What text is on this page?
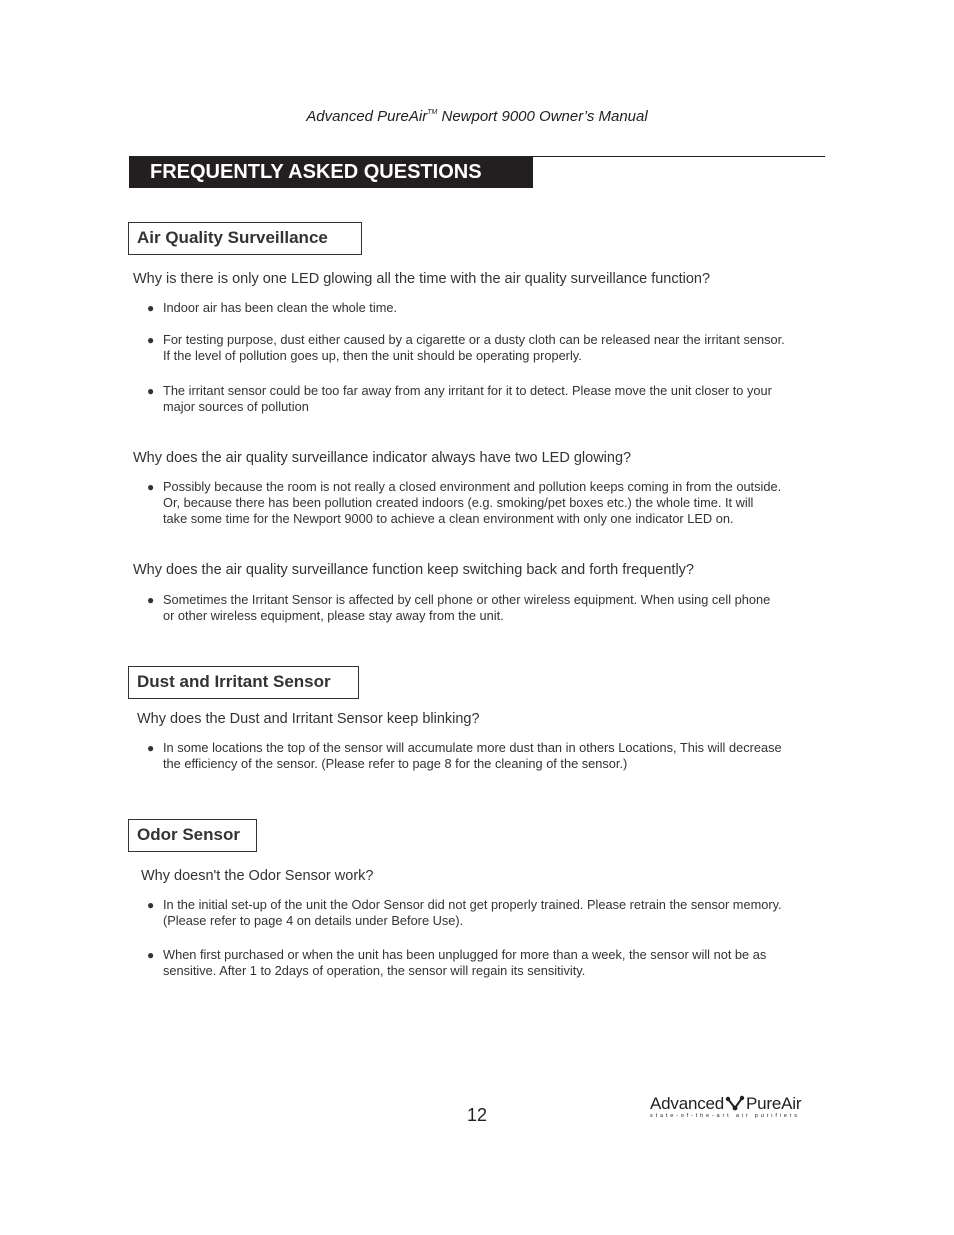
Advanced PureAir™ Newport 9000 Owner’s Manual
FREQUENTLY ASKED QUESTIONS
Air Quality Surveillance
Why is there is only one LED glowing all the time with the air quality surveillance function?
● Indoor air has been clean the whole time.
● For testing purpose, dust either caused by a cigarette or a dusty cloth can be released near the irritant sensor.
If the level of pollution goes up, then the unit should be operating properly.
● The irritant sensor could be too far away from any irritant for it to detect. Please move the unit closer to your
major sources of pollution
Why does the air quality surveillance indicator always have two LED glowing?
● Possibly because the room is not really a closed environment and pollution keeps coming in from the outside.
Or, because there has been pollution created indoors (e.g. smoking/pet boxes etc.) the whole time. It will
take some time for the Newport 9000 to achieve a clean environment with only one indicator LED on.
Why does the air quality surveillance function keep switching back and forth frequently?
● Sometimes the Irritant Sensor is affected by cell phone or other wireless equipment. When using cell phone
or other wireless equipment, please stay away from the unit.
Dust and Irritant Sensor
Why does the Dust and Irritant Sensor keep blinking?
● In some locations the top of the sensor will accumulate more dust than in others Locations, This will decrease
the efficiency of the sensor. (Please refer to page 8 for the cleaning of the sensor.)
Odor Sensor
Why doesn't the Odor Sensor work?
● In the initial set-up of the unit the Odor Sensor did not get properly trained. Please retrain the sensor memory.
(Please refer to page 4 on details under Before Use).
● When first purchased or when the unit has been unplugged for more than a week, the sensor will not be as
sensitive. After 1 to 2days of operation, the sensor will regain its sensitivity.
12
Advanced PureAir
state-of-the-art air purifiers
